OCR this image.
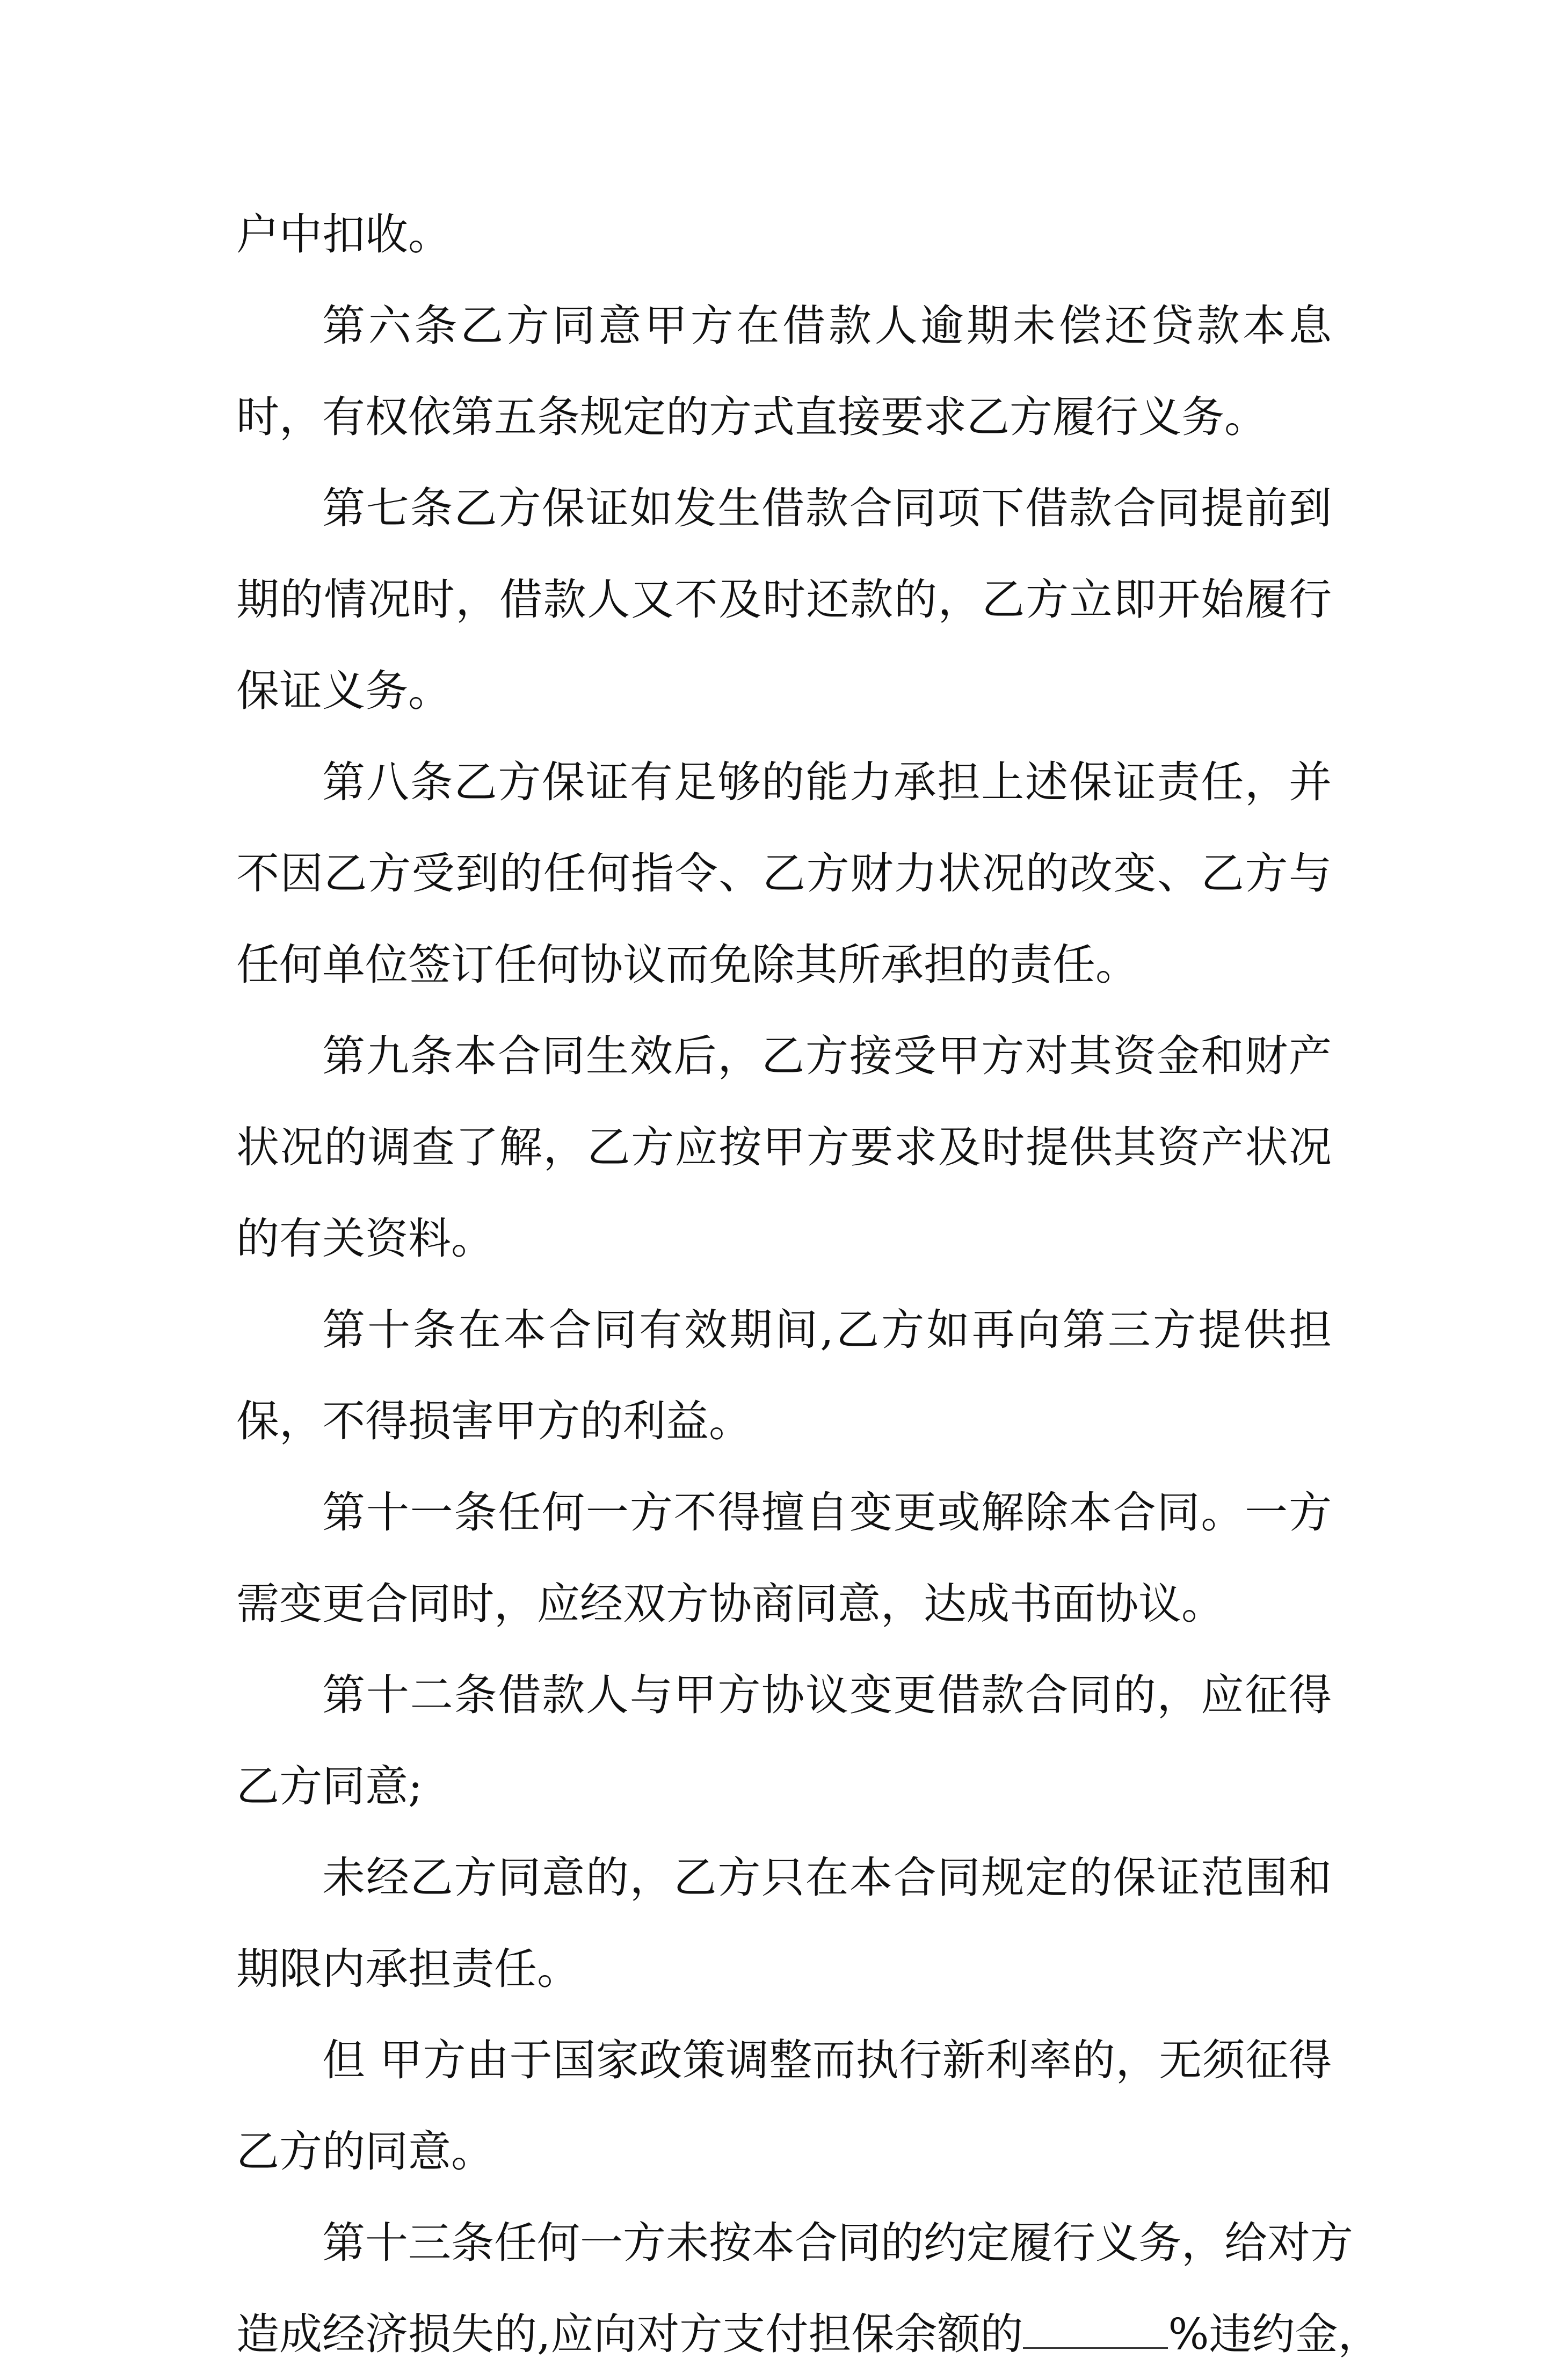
户中扣收。

第六条乙方同意甲方在借款人逾期未偿还贷款本息时，有权依第五条规定的方式直接要求乙方履行义务。

第七条乙方保证如发生借款合同项下借款合同提前到期的情况时，借款人又不及时还款的，乙方立即开始履行保证义务。

第八条乙方保证有足够的能力承担上述保证责任，并不因乙方受到的任何指令、乙方财力状况的改变、乙方与任何单位签订任何协议而免除其所承担的责任。

第九条本合同生效后，乙方接受甲方对其资金和财产状况的调查了解，乙方应按甲方要求及时提供其资产状况的有关资料。

第十条在本合同有效期间,乙方如再向第三方提供担保，不得损害甲方的利益。

第十一条任何一方不得擅自变更或解除本合同。一方需变更合同时，应经双方协商同意，达成书面协议。

第十二条借款人与甲方协议变更借款合同的，应征得乙方同意;

未经乙方同意的，乙方只在本合同规定的保证范围和期限内承担责任。

但 甲方由于国家政策调整而执行新利率的，无须征得乙方的同意。

第十三条任何一方未按本合同的约定履行义务，给对方
造成经济损失的,应向对方支付担保余额的	%违约金，
